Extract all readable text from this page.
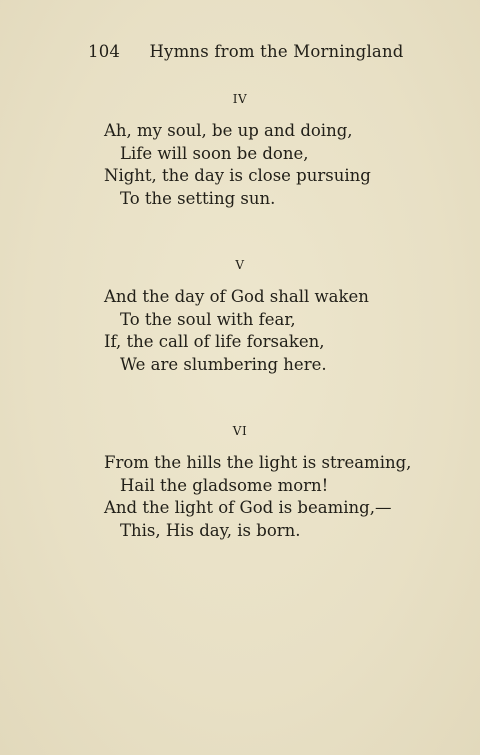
104 Hymns from the Morningland
IV
Ah, my soul, be up and doing,
Life will soon be done,
Night, the day is close pursuing
To the setting sun.
V
And the day of God shall waken
To the soul with fear,
If, the call of life forsaken,
We are slumbering here.
VI
From the hills the light is streaming,
Hail the gladsome morn!
And the light of God is beaming,—
This, His day, is born.
